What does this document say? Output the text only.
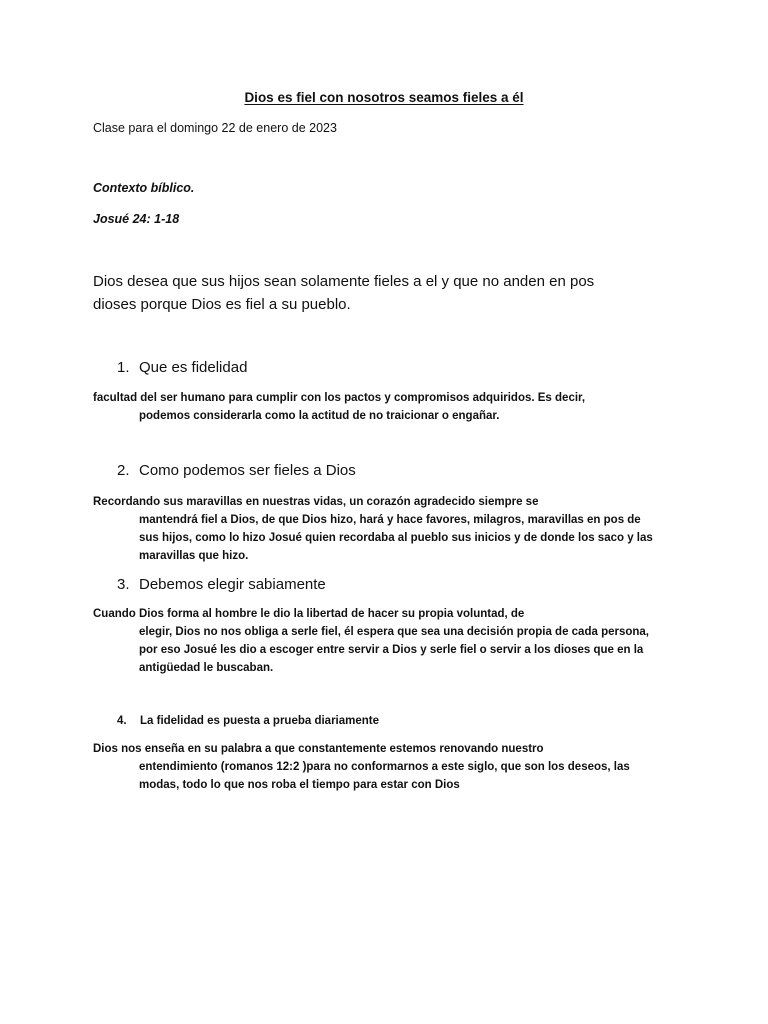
Dios es fiel con nosotros seamos fieles a él
Clase para el domingo 22 de enero de 2023
Contexto bíblico.
Josué 24: 1-18
Dios desea que sus hijos sean solamente fieles a el y que no anden en pos
dioses porque Dios es fiel a su pueblo.
1. Que es fidelidad
facultad del ser humano para cumplir con los pactos y compromisos adquiridos. Es decir,
podemos considerarla como la actitud de no traicionar o engañar.
2. Como podemos ser fieles a Dios
Recordando sus maravillas en nuestras vidas, un corazón agradecido siempre se
mantendrá fiel a Dios, de que Dios hizo, hará y hace favores, milagros, maravillas en pos de
sus hijos, como lo hizo Josué quien recordaba al pueblo sus inicios y de donde los saco y las
maravillas que hizo.
3. Debemos elegir sabiamente
Cuando Dios forma al hombre le dio la libertad de hacer su propia voluntad, de
elegir, Dios no nos obliga a serle fiel, él espera que sea una decisión propia de cada persona,
por eso Josué les dio a escoger entre servir a Dios y serle fiel o servir a los dioses que en la
antigüedad le buscaban.
4.	La fidelidad es puesta a prueba diariamente
Dios nos enseña en su palabra a que constantemente estemos renovando nuestro
entendimiento (romanos 12:2 )para no conformarnos a este siglo, que son los deseos, las
modas, todo lo que nos roba el tiempo para estar con Dios
